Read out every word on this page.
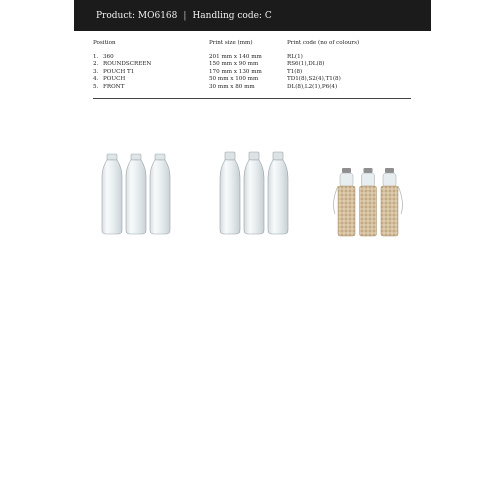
Product: MO6168 | Handling code: C
Position	Print size (mm)	Print code (no of colours)
1. 360	201 mm x 140 mm	RL(1)
2. ROUNDSCREEN	150 mm x 90 mm	RS6(1),DL(8)
3. POUCH T1	170 mm x 130 mm	T1(8)
4. POUCH	50 mm x 100 mm	TD1(8),S2(4),T1(8)
5. FRONT	30 mm x 80 mm	DL(8),L2(1),P6(4)
